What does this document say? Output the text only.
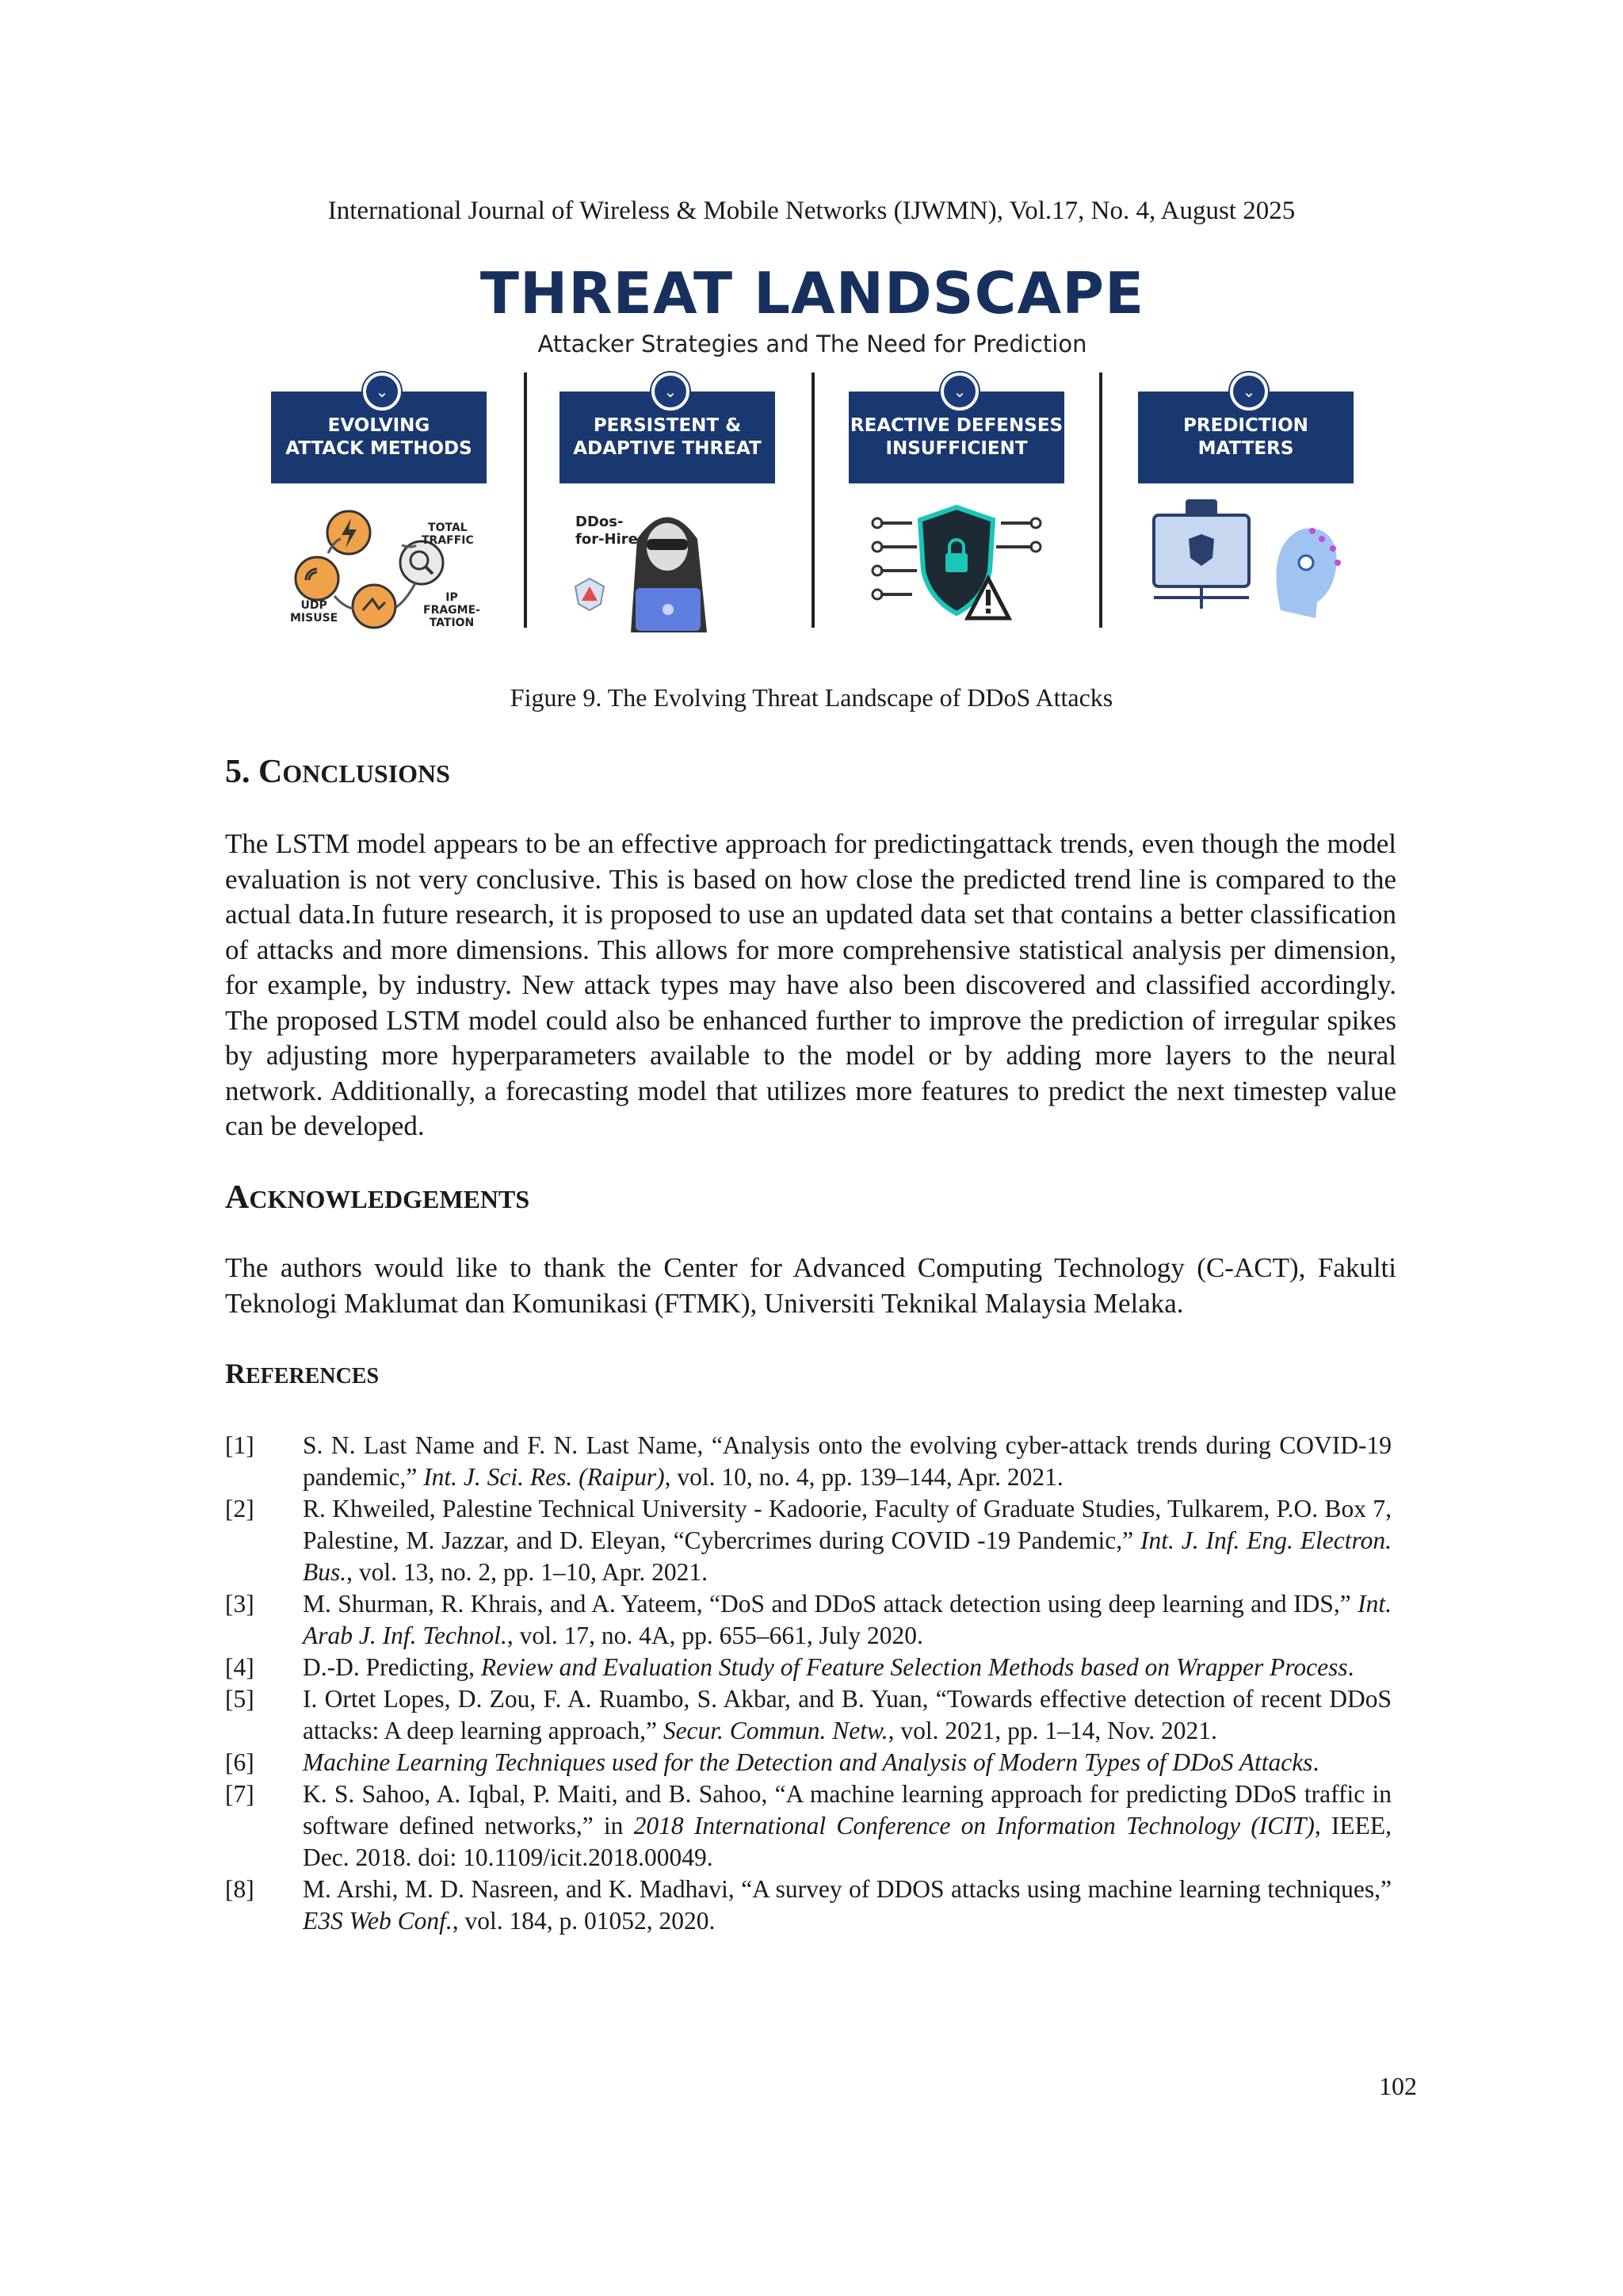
International Journal of Wireless & Mobile Networks (IJWMN), Vol.17, No. 4, August 2025
THREAT LANDSCAPE
Attacker Strategies and The Need for Prediction
⌄
EVOLVING
ATTACK METHODS
TOTAL
TRAFFIC
UDP
MISUSE
IP
FRAGME-
TATION
⌄
PERSISTENT &
ADAPTIVE THREAT
DDos-
for-Hire
⌄
REACTIVE DEFENSES
INSUFFICIENT
⌄
PREDICTION
MATTERS
Figure 9. The Evolving Threat Landscape of DDoS Attacks
5. CONCLUSIONS
The LSTM model appears to be an effective approach for predictingattack trends, even though the model evaluation is not very conclusive. This is based on how close the predicted trend line is compared to the actual data.In future research, it is proposed to use an updated data set that contains a better classification of attacks and more dimensions. This allows for more comprehensive statistical analysis per dimension, for example, by industry. New attack types may have also been discovered and classified accordingly. The proposed LSTM model could also be enhanced further to improve the prediction of irregular spikes by adjusting more hyperparameters available to the model or by adding more layers to the neural network. Additionally, a forecasting model that utilizes more features to predict the next timestep value can be developed.
ACKNOWLEDGEMENTS
The authors would like to thank the Center for Advanced Computing Technology (C-ACT), Fakulti Teknologi Maklumat dan Komunikasi (FTMK), Universiti Teknikal Malaysia Melaka.
REFERENCES
[1]	S. N. Last Name and F. N. Last Name, “Analysis onto the evolving cyber-attack trends during COVID-19 pandemic,” Int. J. Sci. Res. (Raipur), vol. 10, no. 4, pp. 139–144, Apr. 2021.
[2]	R. Khweiled, Palestine Technical University - Kadoorie, Faculty of Graduate Studies, Tulkarem, P.O. Box 7, Palestine, M. Jazzar, and D. Eleyan, “Cybercrimes during COVID -19 Pandemic,” Int. J. Inf. Eng. Electron. Bus., vol. 13, no. 2, pp. 1–10, Apr. 2021.
[3]	M. Shurman, R. Khrais, and A. Yateem, “DoS and DDoS attack detection using deep learning and IDS,” Int. Arab J. Inf. Technol., vol. 17, no. 4A, pp. 655–661, July 2020.
[4]	D.-D. Predicting, Review and Evaluation Study of Feature Selection Methods based on Wrapper Process.
[5]	I. Ortet Lopes, D. Zou, F. A. Ruambo, S. Akbar, and B. Yuan, “Towards effective detection of recent DDoS attacks: A deep learning approach,” Secur. Commun. Netw., vol. 2021, pp. 1–14, Nov. 2021.
[6]	Machine Learning Techniques used for the Detection and Analysis of Modern Types of DDoS Attacks.
[7]	K. S. Sahoo, A. Iqbal, P. Maiti, and B. Sahoo, “A machine learning approach for predicting DDoS traffic in software defined networks,” in 2018 International Conference on Information Technology (ICIT), IEEE, Dec. 2018. doi: 10.1109/icit.2018.00049.
[8]	M. Arshi, M. D. Nasreen, and K. Madhavi, “A survey of DDOS attacks using machine learning techniques,” E3S Web Conf., vol. 184, p. 01052, 2020.
102
